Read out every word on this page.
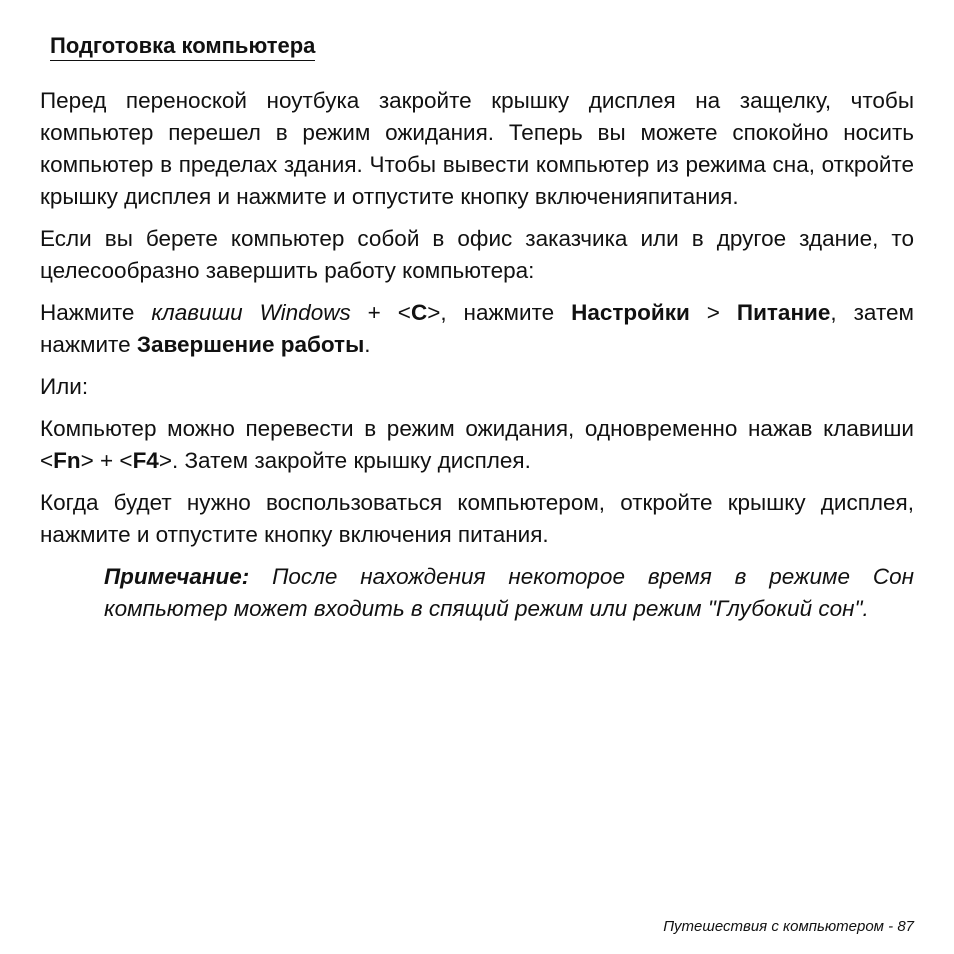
Подготовка компьютера

Перед переноской ноутбука закройте крышку дисплея на защелку, чтобы компьютер перешел в режим ожидания. Теперь вы можете спокойно носить компьютер в пределах здания. Чтобы вывести компьютер из режима сна, откройте крышку дисплея и нажмите и отпустите кнопку включенияпитания.

Если вы берете компьютер собой в офис заказчика или в другое здание, то целесообразно завершить работу компьютера:

Нажмите клавиши Windows + <C>, нажмите Настройки > Питание, затем нажмите Завершение работы.

Или:

Компьютер можно перевести в режим ожидания, одновременно нажав клавиши <Fn> + <F4>. Затем закройте крышку дисплея.

Когда будет нужно воспользоваться компьютером, откройте крышку дисплея, нажмите и отпустите кнопку включения питания.

Примечание: После нахождения некоторое время в режиме Сон компьютер может входить в спящий режим или режим "Глубокий сон".

Путешествия с компьютером - 87
